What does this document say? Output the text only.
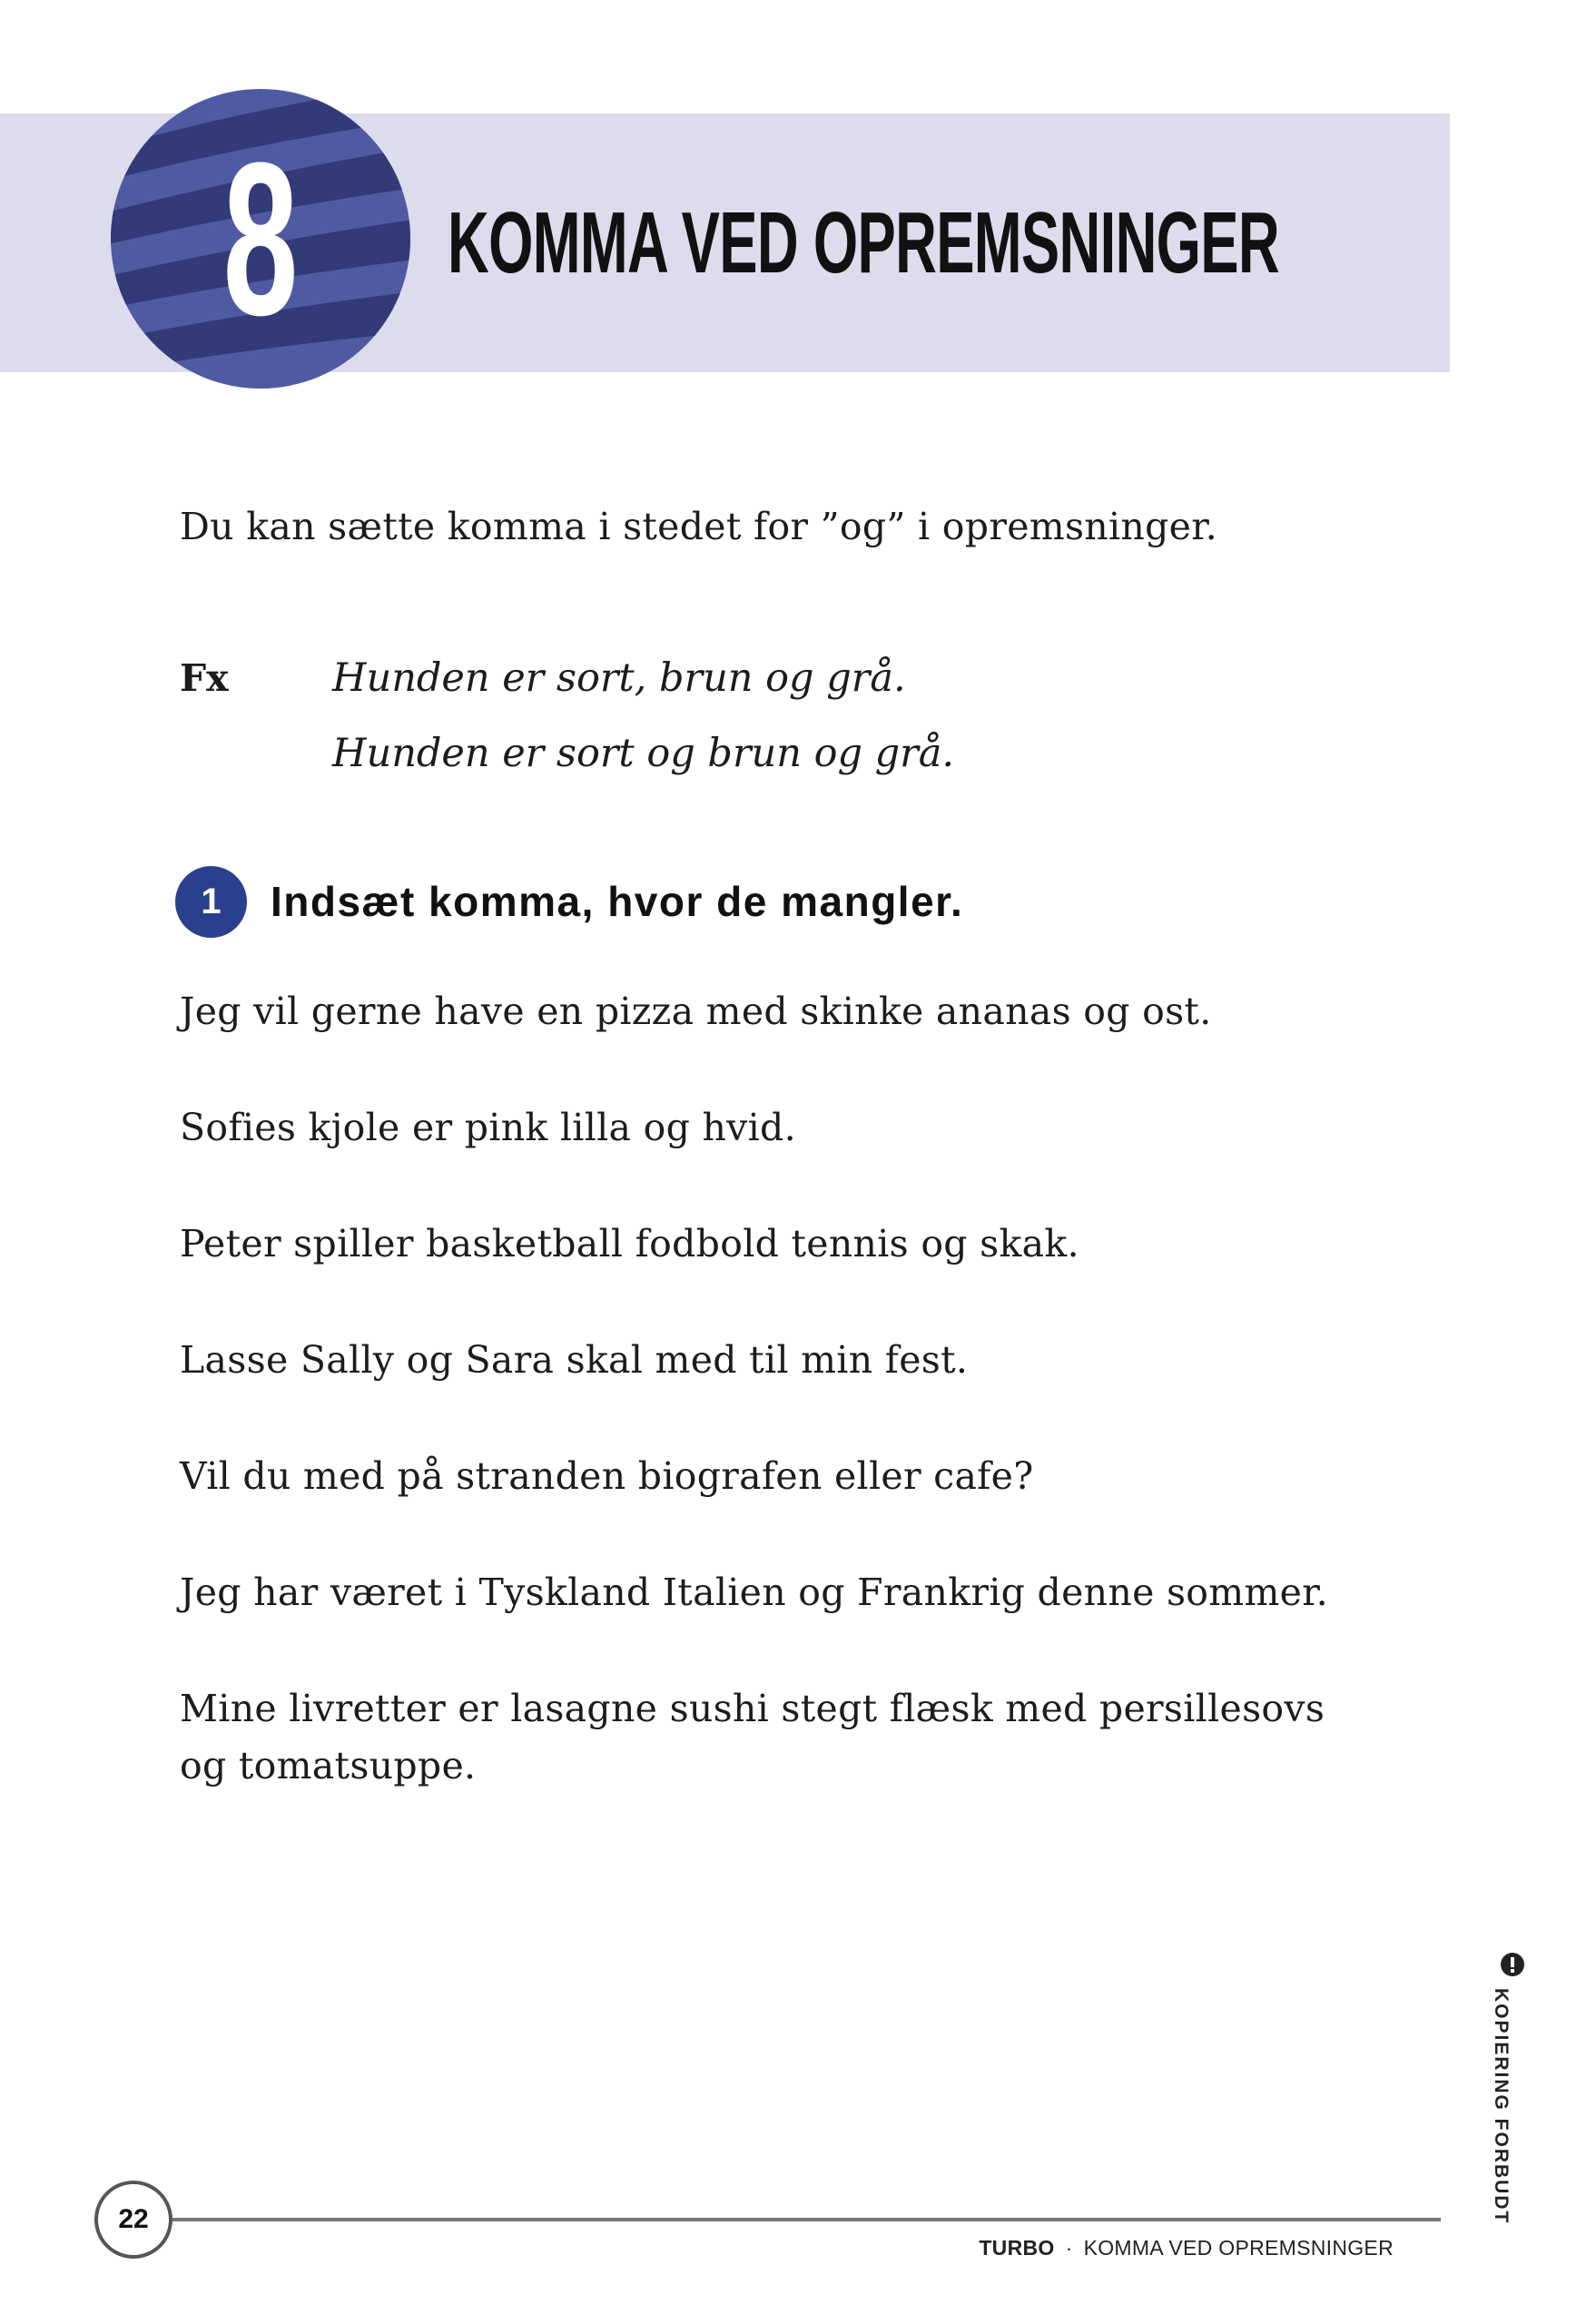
8	KOMMA VED OPREMSNINGER
Du kan sætte komma i stedet for ”og” i opremsninger.
Fx	Hunden er sort, brun og grå.
Hunden er sort og brun og grå.
1	Indsæt komma, hvor de mangler.
Jeg vil gerne have en pizza med skinke ananas og ost.
Sofies kjole er pink lilla og hvid.
Peter spiller basketball fodbold tennis og skak.
Lasse Sally og Sara skal med til min fest.
Vil du med på stranden biografen eller cafe?
Jeg har været i Tyskland Italien og Frankrig denne sommer.
Mine livretter er lasagne sushi stegt flæsk med persillesovs og tomatsuppe.
KOPIERING FORBUDT
22
TURBO · KOMMA VED OPREMSNINGER
